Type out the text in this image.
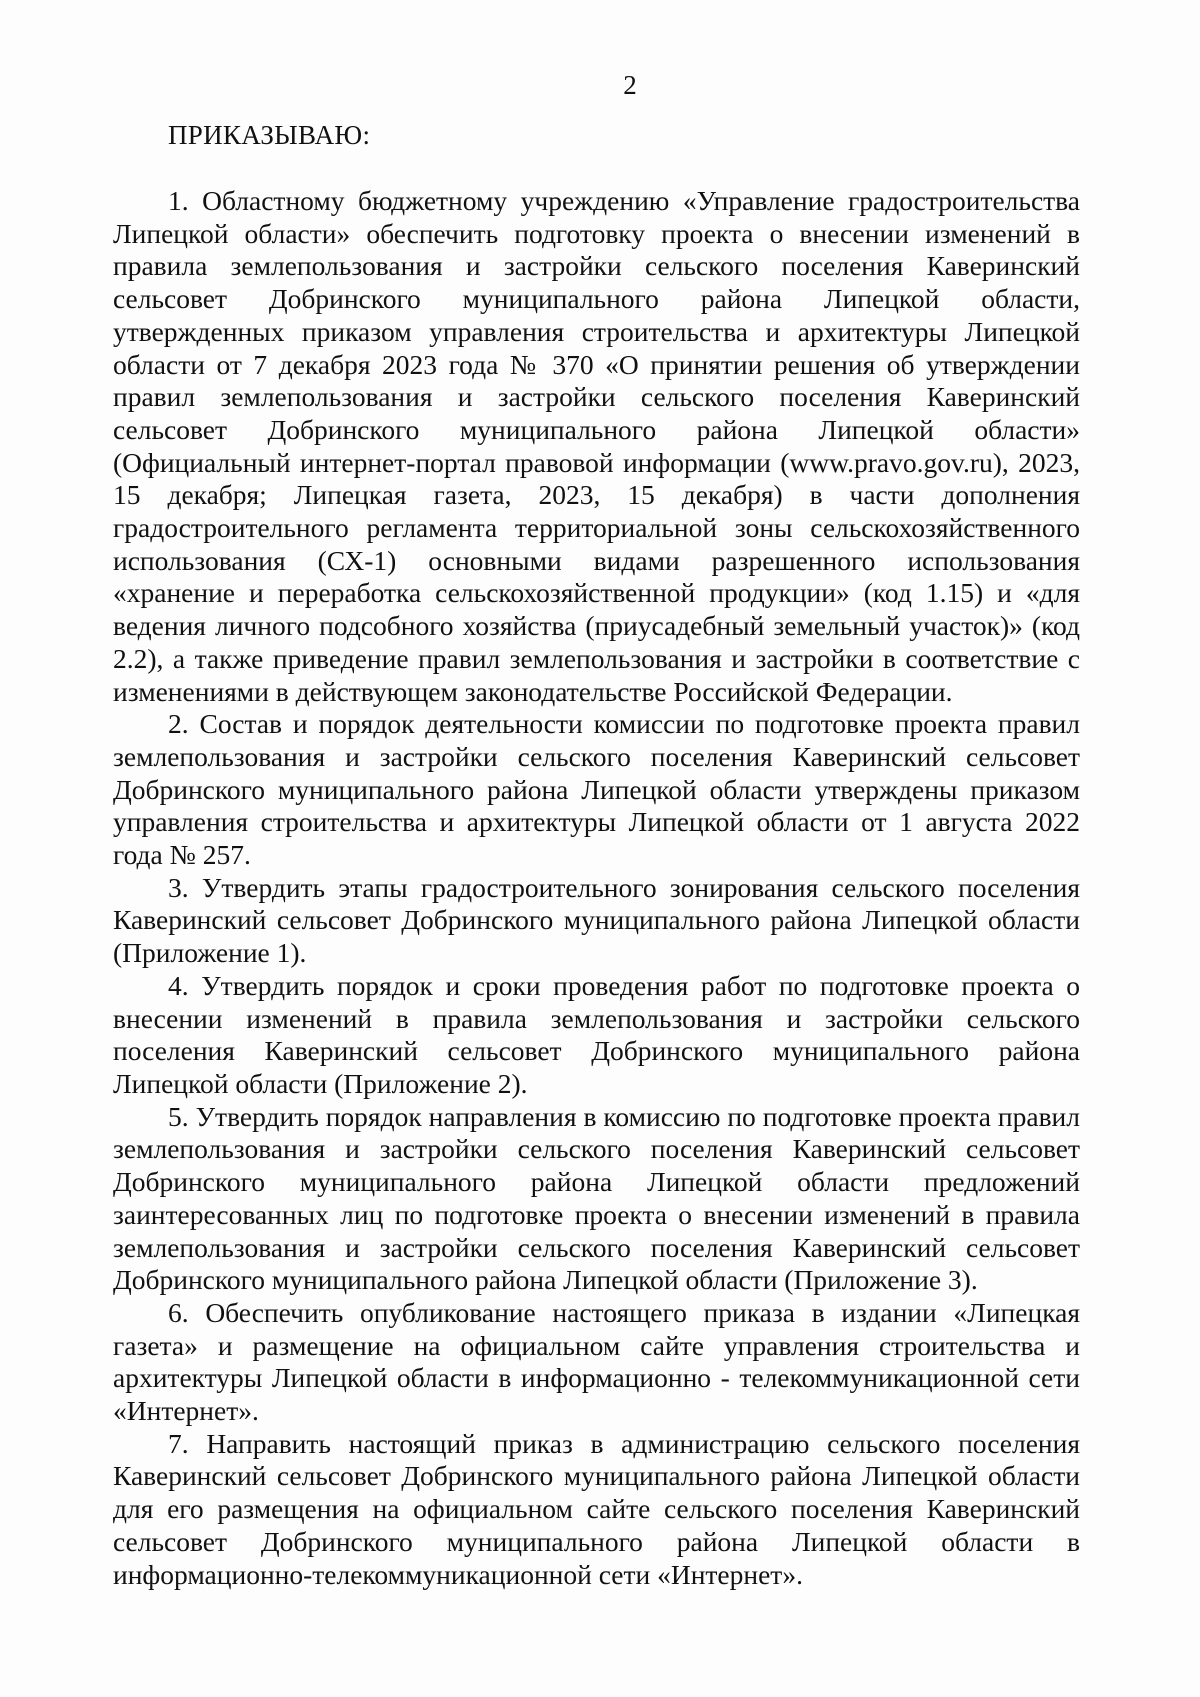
2
ПРИКАЗЫВАЮ:

1. Областному бюджетному учреждению «Управление градостроительства Липецкой области» обеспечить подготовку проекта о внесении изменений в правила землепользования и застройки сельского поселения Каверинский сельсовет Добринского муниципального района Липецкой области, утвержденных приказом управления строительства и архитектуры Липецкой области от 7 декабря 2023 года № 370 «О принятии решения об утверждении правил землепользования и застройки сельского поселения Каверинский сельсовет Добринского муниципального района Липецкой области» (Официальный интернет-портал правовой информации (www.pravo.gov.ru), 2023, 15 декабря; Липецкая газета, 2023, 15 декабря) в части дополнения градостроительного регламента территориальной зоны сельскохозяйственного использования (СХ-1) основными видами разрешенного использования «хранение и переработка сельскохозяйственной продукции» (код 1.15) и «для ведения личного подсобного хозяйства (приусадебный земельный участок)» (код 2.2), а также приведение правил землепользования и застройки в соответствие с изменениями в действующем законодательстве Российской Федерации.

2. Состав и порядок деятельности комиссии по подготовке проекта правил землепользования и застройки сельского поселения Каверинский сельсовет Добринского муниципального района Липецкой области утверждены приказом управления строительства и архитектуры Липецкой области от 1 августа 2022 года № 257.

3. Утвердить этапы градостроительного зонирования сельского поселения Каверинский сельсовет Добринского муниципального района Липецкой области (Приложение 1).

4. Утвердить порядок и сроки проведения работ по подготовке проекта о внесении изменений в правила землепользования и застройки сельского поселения Каверинский сельсовет Добринского муниципального района Липецкой области (Приложение 2).

5. Утвердить порядок направления в комиссию по подготовке проекта правил землепользования и застройки сельского поселения Каверинский сельсовет Добринского муниципального района Липецкой области предложений заинтересованных лиц по подготовке проекта о внесении изменений в правила землепользования и застройки сельского поселения Каверинский сельсовет Добринского муниципального района Липецкой области (Приложение 3).

6. Обеспечить опубликование настоящего приказа в издании «Липецкая газета» и размещение на официальном сайте управления строительства и архитектуры Липецкой области в информационно - телекоммуникационной сети «Интернет».

7. Направить настоящий приказ в администрацию сельского поселения Каверинский сельсовет Добринского муниципального района Липецкой области для его размещения на официальном сайте сельского поселения Каверинский сельсовет Добринского муниципального района Липецкой области в информационно-телекоммуникационной сети «Интернет».
